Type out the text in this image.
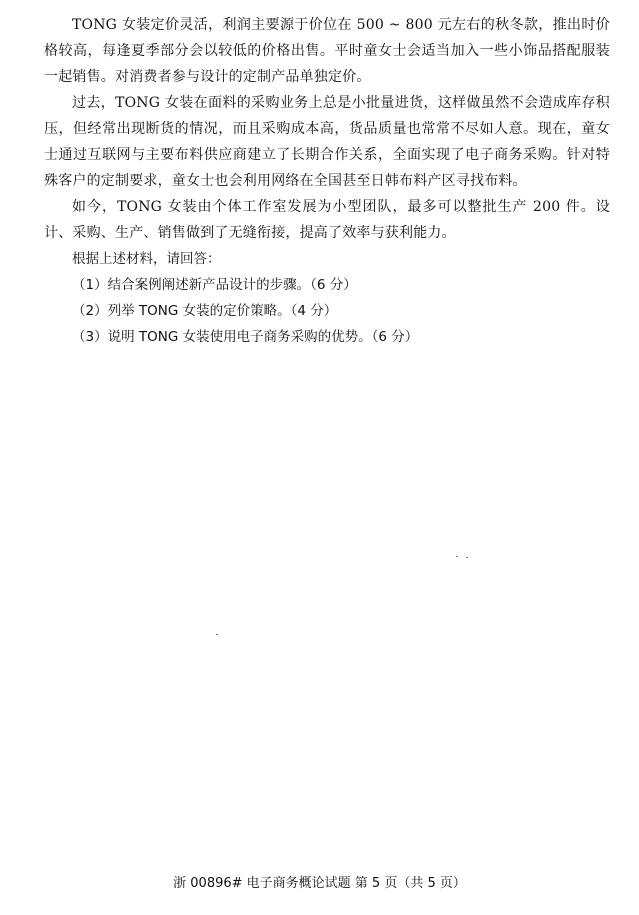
TONG 女装定价灵活，利润主要源于价位在 500 ~ 800 元左右的秋冬款，推出时价格较高，每逢夏季部分会以较低的价格出售。平时童女士会适当加入一些小饰品搭配服装一起销售。对消费者参与设计的定制产品单独定价。

过去，TONG 女装在面料的采购业务上总是小批量进货，这样做虽然不会造成库存积压，但经常出现断货的情况，而且采购成本高，货品质量也常常不尽如人意。现在，童女士通过互联网与主要布料供应商建立了长期合作关系，全面实现了电子商务采购。针对特殊客户的定制要求，童女士也会利用网络在全国甚至日韩布料产区寻找布料。

如今，TONG 女装由个体工作室发展为小型团队，最多可以整批生产 200 件。设计、采购、生产、销售做到了无缝衔接，提高了效率与获利能力。

根据上述材料，请回答：

（1）结合案例阐述新产品设计的步骤。（6 分）

（2）列举 TONG 女装的定价策略。（4 分）

（3）说明 TONG 女装使用电子商务采购的优势。（6 分）

浙 00896# 电子商务概论试题 第 5 页（共 5 页）
